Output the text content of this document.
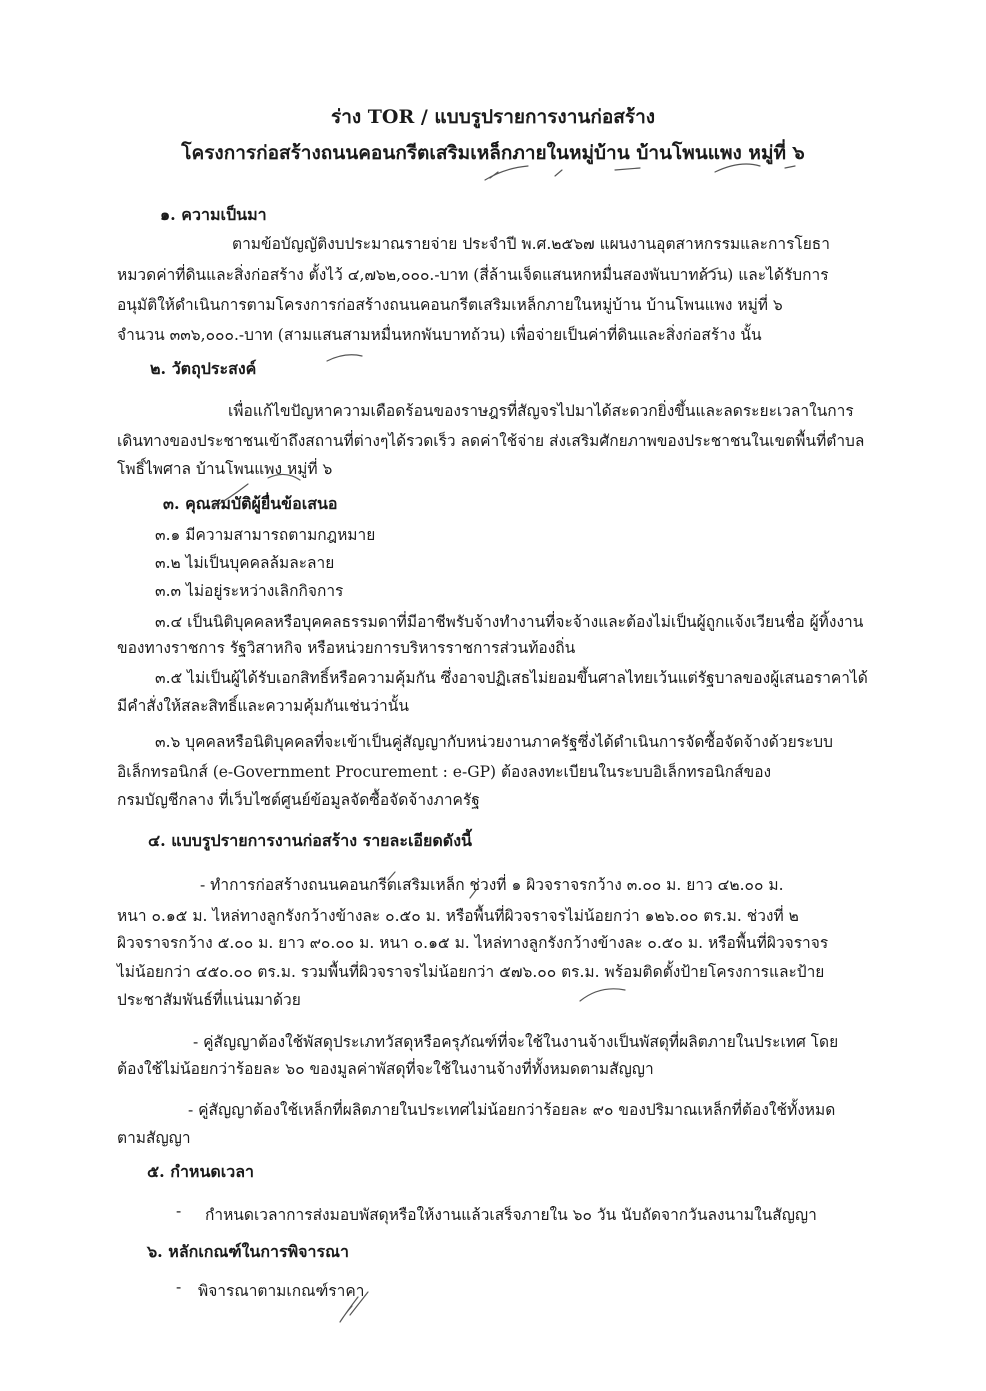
ร่าง TOR / แบบรูปรายการงานก่อสร้าง
โครงการก่อสร้างถนนคอนกรีตเสริมเหล็กภายในหมู่บ้าน บ้านโพนแพง หมู่ที่ ๖
๑. ความเป็นมา
ตามข้อบัญญัติงบประมาณรายจ่าย ประจำปี พ.ศ.๒๕๖๗ แผนงานอุตสาหกรรมและการโยธา
หมวดค่าที่ดินและสิ่งก่อสร้าง ตั้งไว้ ๔,๗๖๒,๐๐๐.-บาท (สี่ล้านเจ็ดแสนหกหมื่นสองพันบาทถ้วน) และได้รับการ
อนุมัติให้ดำเนินการตามโครงการก่อสร้างถนนคอนกรีตเสริมเหล็กภายในหมู่บ้าน บ้านโพนแพง หมู่ที่ ๖
จำนวน ๓๓๖,๐๐๐.-บาท (สามแสนสามหมื่นหกพันบาทถ้วน) เพื่อจ่ายเป็นค่าที่ดินและสิ่งก่อสร้าง นั้น
๒. วัตถุประสงค์
เพื่อแก้ไขปัญหาความเดือดร้อนของราษฎรที่สัญจรไปมาได้สะดวกยิ่งขึ้นและลดระยะเวลาในการ
เดินทางของประชาชนเข้าถึงสถานที่ต่างๆได้รวดเร็ว ลดค่าใช้จ่าย ส่งเสริมศักยภาพของประชาชนในเขตพื้นที่ตำบล
โพธิ์ไพศาล บ้านโพนแพง หมู่ที่ ๖
๓. คุณสมบัติผู้ยื่นข้อเสนอ
๓.๑ มีความสามารถตามกฎหมาย
๓.๒ ไม่เป็นบุคคลล้มละลาย
๓.๓ ไม่อยู่ระหว่างเลิกกิจการ
๓.๔ เป็นนิติบุคคลหรือบุคคลธรรมดาที่มีอาชีพรับจ้างทำงานที่จะจ้างและต้องไม่เป็นผู้ถูกแจ้งเวียนชื่อ ผู้ทิ้งงาน
ของทางราชการ รัฐวิสาหกิจ หรือหน่วยการบริหารราชการส่วนท้องถิ่น
๓.๕ ไม่เป็นผู้ได้รับเอกสิทธิ์หรือความคุ้มกัน ซึ่งอาจปฏิเสธไม่ยอมขึ้นศาลไทยเว้นแต่รัฐบาลของผู้เสนอราคาได้
มีคำสั่งให้สละสิทธิ์และความคุ้มกันเช่นว่านั้น
๓.๖ บุคคลหรือนิติบุคคลที่จะเข้าเป็นคู่สัญญากับหน่วยงานภาครัฐซึ่งได้ดำเนินการจัดซื้อจัดจ้างด้วยระบบ
อิเล็กทรอนิกส์ (e-Government Procurement : e-GP) ต้องลงทะเบียนในระบบอิเล็กทรอนิกส์ของ
กรมบัญชีกลาง ที่เว็บไซต์ศูนย์ข้อมูลจัดซื้อจัดจ้างภาครัฐ
๔. แบบรูปรายการงานก่อสร้าง รายละเอียดดังนี้
- ทำการก่อสร้างถนนคอนกรีตเสริมเหล็ก ช่วงที่ ๑ ผิวจราจรกว้าง ๓.๐๐ ม. ยาว ๔๒.๐๐ ม.
หนา ๐.๑๕ ม. ไหล่ทางลูกรังกว้างข้างละ ๐.๕๐ ม. หรือพื้นที่ผิวจราจรไม่น้อยกว่า ๑๒๖.๐๐ ตร.ม. ช่วงที่ ๒
ผิวจราจรกว้าง ๕.๐๐ ม. ยาว ๙๐.๐๐ ม. หนา ๐.๑๕ ม. ไหล่ทางลูกรังกว้างข้างละ ๐.๕๐ ม. หรือพื้นที่ผิวจราจร
ไม่น้อยกว่า ๔๕๐.๐๐ ตร.ม. รวมพื้นที่ผิวจราจรไม่น้อยกว่า ๕๗๖.๐๐ ตร.ม. พร้อมติดตั้งป้ายโครงการและป้าย
ประชาสัมพันธ์ที่แน่นมาด้วย
- คู่สัญญาต้องใช้พัสดุประเภทวัสดุหรือครุภัณฑ์ที่จะใช้ในงานจ้างเป็นพัสดุที่ผลิตภายในประเทศ โดย
ต้องใช้ไม่น้อยกว่าร้อยละ ๖๐ ของมูลค่าพัสดุที่จะใช้ในงานจ้างที่ทั้งหมดตามสัญญา
- คู่สัญญาต้องใช้เหล็กที่ผลิตภายในประเทศไม่น้อยกว่าร้อยละ ๙๐ ของปริมาณเหล็กที่ต้องใช้ทั้งหมด
ตามสัญญา
๕. กำหนดเวลา
- กำหนดเวลาการส่งมอบพัสดุหรือให้งานแล้วเสร็จภายใน ๖๐ วัน นับถัดจากวันลงนามในสัญญา
๖. หลักเกณฑ์ในการพิจารณา
- พิจารณาตามเกณฑ์ราคา
